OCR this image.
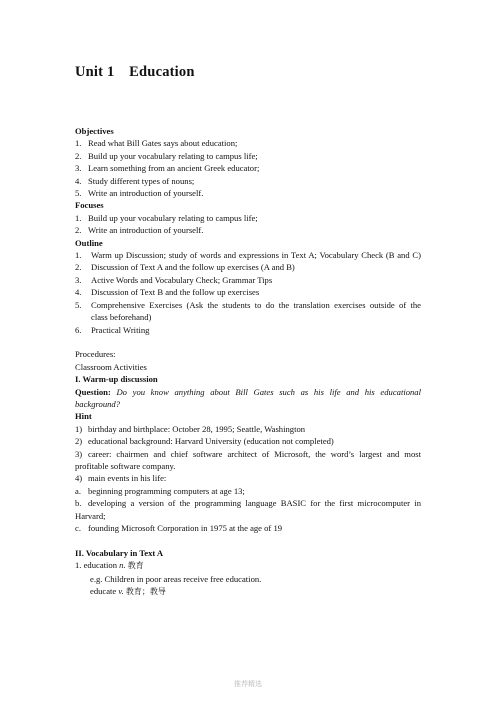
Unit 1 Education
Objectives
1. Read what Bill Gates says about education;
2. Build up your vocabulary relating to campus life;
3. Learn something from an ancient Greek educator;
4. Study different types of nouns;
5. Write an introduction of yourself.
Focuses
1. Build up your vocabulary relating to campus life;
2. Write an introduction of yourself.
Outline
1.	Warm up Discussion; study of words and expressions in Text A; Vocabulary Check (B and C)
2.	Discussion of Text A and the follow up exercises (A and B)
3.	Active Words and Vocabulary Check; Grammar Tips
4.	Discussion of Text B and the follow up exercises
5.	Comprehensive Exercises (Ask the students to do the translation exercises outside of the
class beforehand)
6.	Practical Writing
Procedures:
Classroom Activities
I. Warm-up discussion
Question: Do you know anything about Bill Gates such as his life and his educational
background?
Hint
1) birthday and birthplace: October 28, 1995; Seattle, Washington
2) educational background: Harvard University (education not completed)
3) career: chairmen and chief software architect of Microsoft, the word’s largest and most
profitable software company.
4) main events in his life:
a. beginning programming computers at age 13;
b. developing a version of the programming language BASIC for the first microcomputer in
Harvard;
c. founding Microsoft Corporation in 1975 at the age of 19
II. Vocabulary in Text A
1. education n. 教育
e.g. Children in poor areas receive free education.
educate v. 教育；教导
推荐精选
